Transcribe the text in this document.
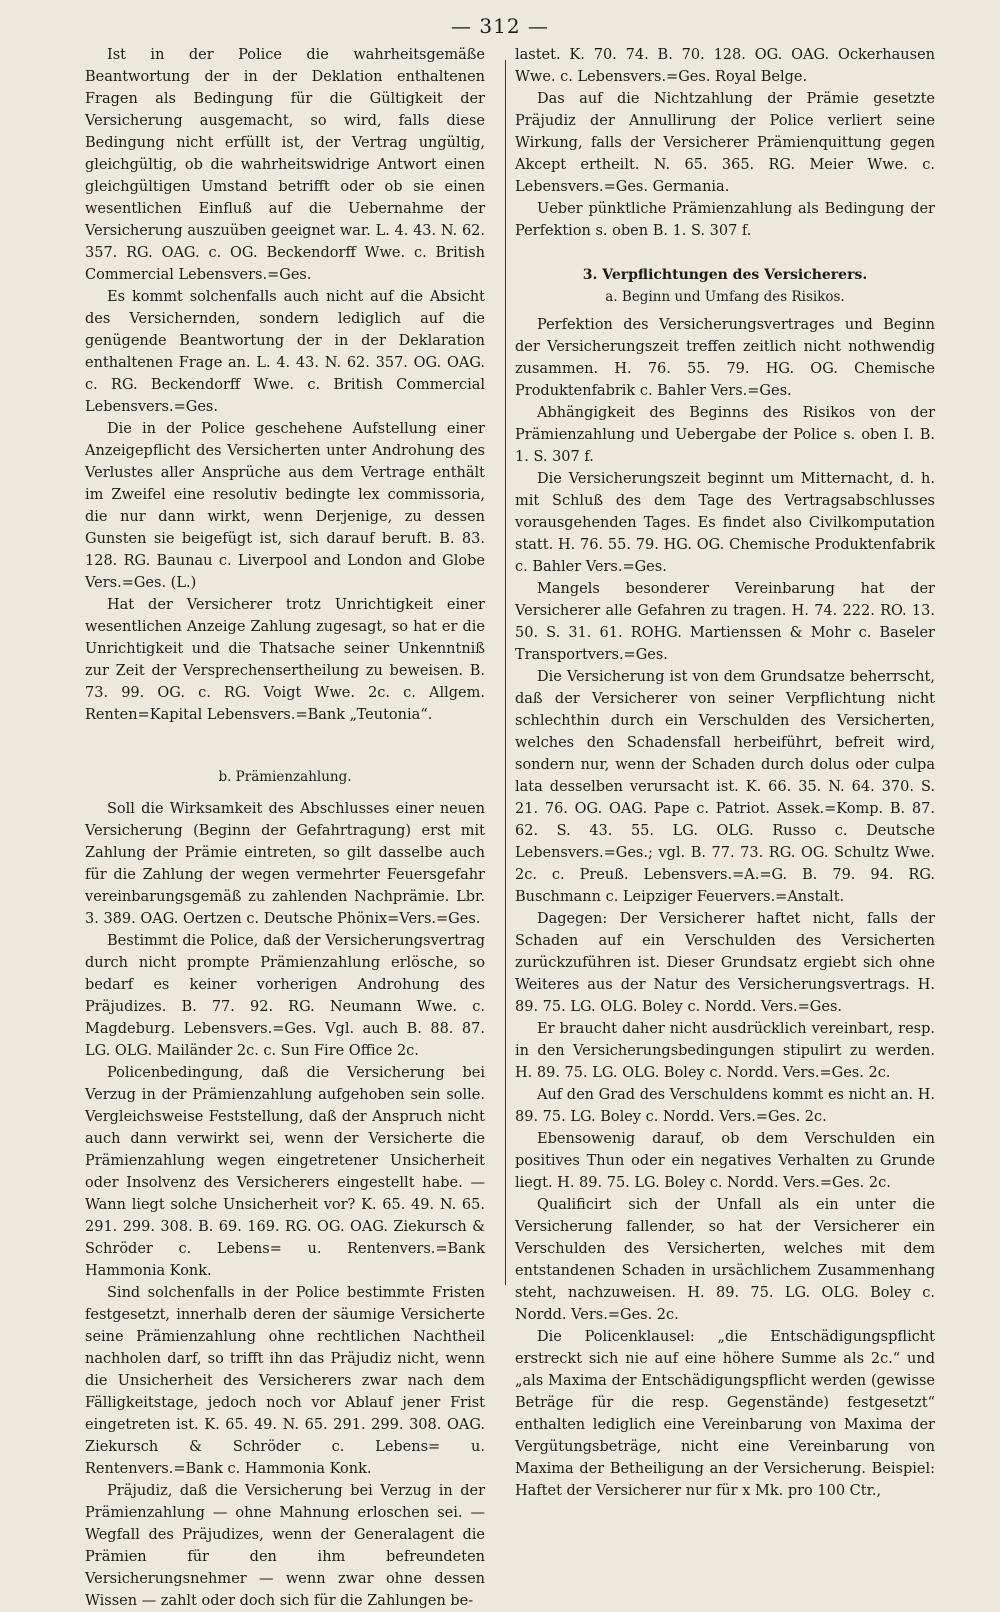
— 312 —

Ist in der Police die wahrheitsgemäße Beantwortung der in der Deklation enthaltenen Fragen als Bedingung für die Gültigkeit der Versicherung ausgemacht, so wird, falls diese Bedingung nicht erfüllt ist, der Vertrag ungültig, gleichgültig, ob die wahrheitswidrige Antwort einen gleichgültigen Umstand betrifft oder ob sie einen wesentlichen Einfluß auf die Uebernahme der Versicherung auszuüben geeignet war. L. 4. 43. N. 62. 357. RG. OAG. c. OG. Beckendorff Wwe. c. British Commercial Lebensvers.=Ges.

Es kommt solchenfalls auch nicht auf die Absicht des Versichernden, sondern lediglich auf die genügende Beantwortung der in der Deklaration enthaltenen Frage an. L. 4. 43. N. 62. 357. OG. OAG. c. RG. Beckendorff Wwe. c. British Commercial Lebensvers.=Ges.

Die in der Police geschehene Aufstellung einer Anzeigepflicht des Versicherten unter Androhung des Verlustes aller Ansprüche aus dem Vertrage enthält im Zweifel eine resolutiv bedingte lex commissoria, die nur dann wirkt, wenn Derjenige, zu dessen Gunsten sie beigefügt ist, sich darauf beruft. B. 83. 128. RG. Baunau c. Liverpool and London and Globe Vers.=Ges. (L.)

Hat der Versicherer trotz Unrichtigkeit einer wesentlichen Anzeige Zahlung zugesagt, so hat er die Unrichtigkeit und die Thatsache seiner Unkenntniß zur Zeit der Versprechensertheilung zu beweisen. B. 73. 99. OG. c. RG. Voigt Wwe. 2c. c. Allgem. Renten=Kapital Lebensvers.=Bank „Teutonia“.

b. Prämienzahlung.

Soll die Wirksamkeit des Abschlusses einer neuen Versicherung (Beginn der Gefahrtragung) erst mit Zahlung der Prämie eintreten, so gilt dasselbe auch für die Zahlung der wegen vermehrter Feuersgefahr vereinbarungsgemäß zu zahlenden Nachprämie. Lbr. 3. 389. OAG. Oertzen c. Deutsche Phönix=Vers.=Ges.

Bestimmt die Police, daß der Versicherungsvertrag durch nicht prompte Prämienzahlung erlösche, so bedarf es keiner vorherigen Androhung des Präjudizes. B. 77. 92. RG. Neumann Wwe. c. Magdeburg. Lebensvers.=Ges. Vgl. auch B. 88. 87. LG. OLG. Mailänder 2c. c. Sun Fire Office 2c.

Policenbedingung, daß die Versicherung bei Verzug in der Prämienzahlung aufgehoben sein solle. Vergleichsweise Feststellung, daß der Anspruch nicht auch dann verwirkt sei, wenn der Versicherte die Prämienzahlung wegen eingetretener Unsicherheit oder Insolvenz des Versicherers eingestellt habe. — Wann liegt solche Unsicherheit vor? K. 65. 49. N. 65. 291. 299. 308. B. 69. 169. RG. OG. OAG. Ziekursch & Schröder c. Lebens= u. Rentenvers.=Bank Hammonia Konk.

Sind solchenfalls in der Police bestimmte Fristen festgesetzt, innerhalb deren der säumige Versicherte seine Prämienzahlung ohne rechtlichen Nachtheil nachholen darf, so trifft ihn das Präjudiz nicht, wenn die Unsicherheit des Versicherers zwar nach dem Fälligkeitstage, jedoch noch vor Ablauf jener Frist eingetreten ist. K. 65. 49. N. 65. 291. 299. 308. OAG. Ziekursch & Schröder c. Lebens= u. Rentenvers.=Bank c. Hammonia Konk.

Präjudiz, daß die Versicherung bei Verzug in der Prämienzahlung — ohne Mahnung erloschen sei. — Wegfall des Präjudizes, wenn der Generalagent die Prämien für den ihm befreundeten Versicherungsnehmer — wenn zwar ohne dessen Wissen — zahlt oder doch sich für die Zahlungen be-

lastet. K. 70. 74. B. 70. 128. OG. OAG. Ockerhausen Wwe. c. Lebensvers.=Ges. Royal Belge.

Das auf die Nichtzahlung der Prämie gesetzte Präjudiz der Annullirung der Police verliert seine Wirkung, falls der Versicherer Prämienquittung gegen Akcept ertheilt. N. 65. 365. RG. Meier Wwe. c. Lebensvers.=Ges. Germania.

Ueber pünktliche Prämienzahlung als Bedingung der Perfektion s. oben B. 1. S. 307 f.

3. Verpflichtungen des Versicherers.
a. Beginn und Umfang des Risikos.

Perfektion des Versicherungsvertrages und Beginn der Versicherungszeit treffen zeitlich nicht nothwendig zusammen. H. 76. 55. 79. HG. OG. Chemische Produktenfabrik c. Bahler Vers.=Ges.

Abhängigkeit des Beginns des Risikos von der Prämienzahlung und Uebergabe der Police s. oben I. B. 1. S. 307 f.

Die Versicherungszeit beginnt um Mitternacht, d. h. mit Schluß des dem Tage des Vertragsabschlusses vorausgehenden Tages. Es findet also Civilkomputation statt. H. 76. 55. 79. HG. OG. Chemische Produktenfabrik c. Bahler Vers.=Ges.

Mangels besonderer Vereinbarung hat der Versicherer alle Gefahren zu tragen. H. 74. 222. RO. 13. 50. S. 31. 61. ROHG. Martienssen & Mohr c. Baseler Transportvers.=Ges.

Die Versicherung ist von dem Grundsatze beherrscht, daß der Versicherer von seiner Verpflichtung nicht schlechthin durch ein Verschulden des Versicherten, welches den Schadensfall herbeiführt, befreit wird, sondern nur, wenn der Schaden durch dolus oder culpa lata desselben verursacht ist. K. 66. 35. N. 64. 370. S. 21. 76. OG. OAG. Pape c. Patriot. Assek.=Komp. B. 87. 62. S. 43. 55. LG. OLG. Russo c. Deutsche Lebensvers.=Ges.; vgl. B. 77. 73. RG. OG. Schultz Wwe. 2c. c. Preuß. Lebensvers.=A.=G. B. 79. 94. RG. Buschmann c. Leipziger Feuervers.=Anstalt.

Dagegen: Der Versicherer haftet nicht, falls der Schaden auf ein Verschulden des Versicherten zurückzuführen ist. Dieser Grundsatz ergiebt sich ohne Weiteres aus der Natur des Versicherungsvertrags. H. 89. 75. LG. OLG. Boley c. Nordd. Vers.=Ges.

Er braucht daher nicht ausdrücklich vereinbart, resp. in den Versicherungsbedingungen stipulirt zu werden. H. 89. 75. LG. OLG. Boley c. Nordd. Vers.=Ges. 2c.

Auf den Grad des Verschuldens kommt es nicht an. H. 89. 75. LG. Boley c. Nordd. Vers.=Ges. 2c.

Ebensowenig darauf, ob dem Verschulden ein positives Thun oder ein negatives Verhalten zu Grunde liegt. H. 89. 75. LG. Boley c. Nordd. Vers.=Ges. 2c.

Qualificirt sich der Unfall als ein unter die Versicherung fallender, so hat der Versicherer ein Verschulden des Versicherten, welches mit dem entstandenen Schaden in ursächlichem Zusammenhang steht, nachzuweisen. H. 89. 75. LG. OLG. Boley c. Nordd. Vers.=Ges. 2c.

Die Policenklausel: „die Entschädigungspflicht erstreckt sich nie auf eine höhere Summe als 2c.“ und „als Maxima der Entschädigungspflicht werden (gewisse Beträge für die resp. Gegenstände) festgesetzt“ enthalten lediglich eine Vereinbarung von Maxima der Vergütungsbeträge, nicht eine Vereinbarung von Maxima der Betheiligung an der Versicherung. Beispiel: Haftet der Versicherer nur für x Mk. pro 100 Ctr.,
